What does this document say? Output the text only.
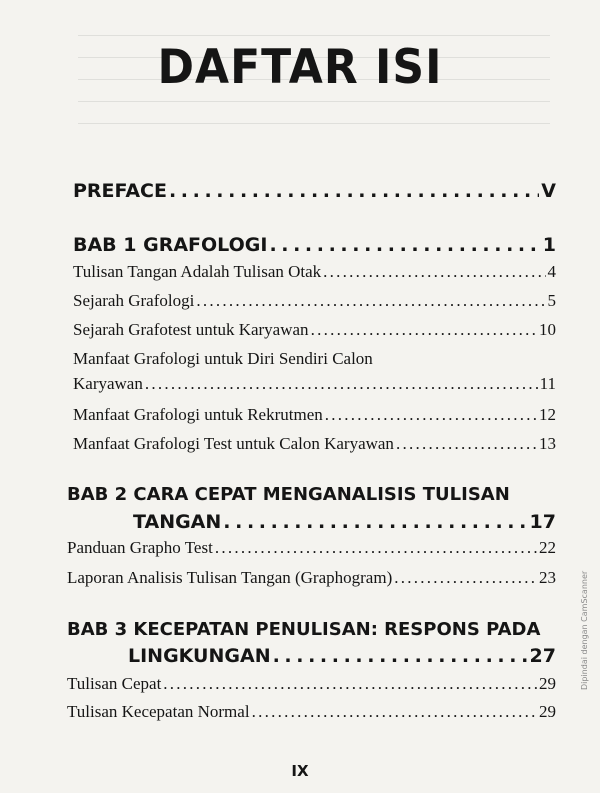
DAFTAR ISI
PREFACE . . .	V
BAB 1 GRAFOLOGI . . .	1
Tulisan Tangan Adalah Tulisan Otak . . .	4
Sejarah Grafologi . . .	5
Sejarah Grafotest untuk Karyawan . . .	10
Manfaat Grafologi untuk Diri Sendiri Calon
Karyawan . . .	11
Manfaat Grafologi untuk Rekrutmen . . .	12
Manfaat Grafologi Test untuk Calon Karyawan . . .	13
BAB 2 CARA CEPAT MENGANALISIS TULISAN
TANGAN . . .	17
Panduan Grapho Test . . .	22
Laporan Analisis Tulisan Tangan (Graphogram) . . .	23
BAB 3 KECEPATAN PENULISAN: RESPONS PADA
LINGKUNGAN . . .	27
Tulisan Cepat . . .	29
Tulisan Kecepatan Normal . . .	29
IX
Dipindai dengan CamScanner
